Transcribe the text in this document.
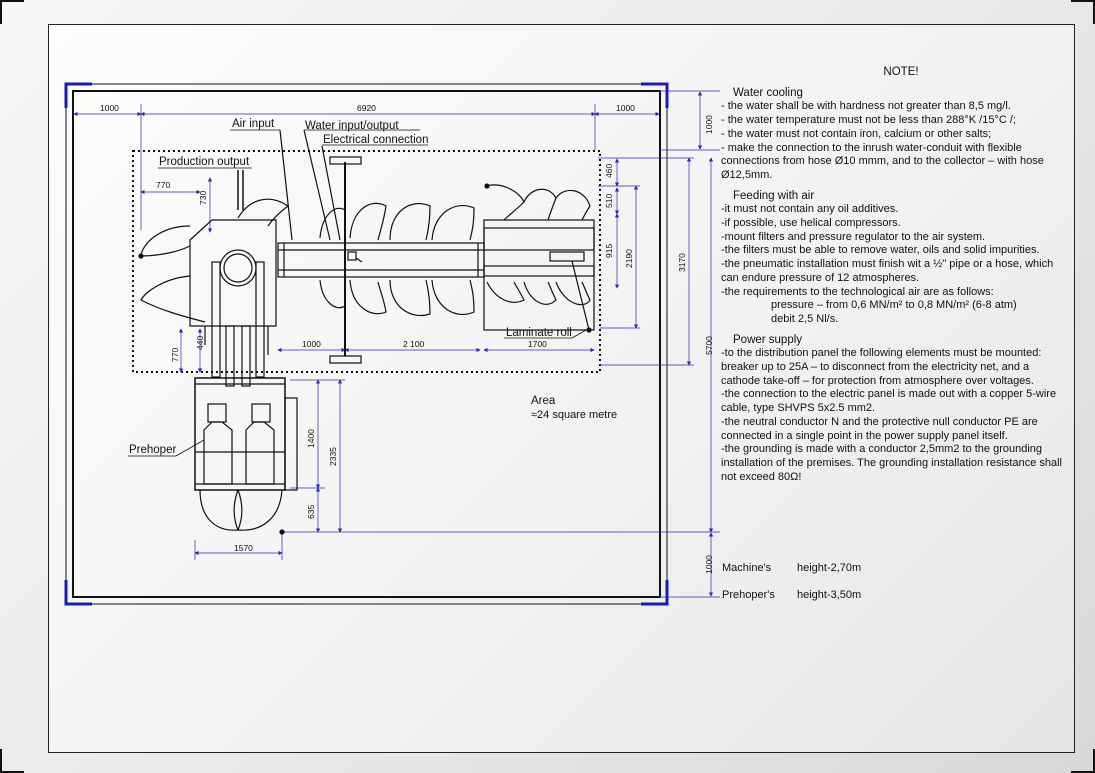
Air input	Water input/output
Electrical connection
Production output
Laminate roll
Prehoper
Area
≈24 square metre
1000	6920	1000
1000
770
730
460
510
915 2190	3170
5700
440
770
1000	2 100	1700
1400
2335
635
1570
1000

NOTE!

Water cooling

- the water shall be with hardness not greater than 8,5 mg/l.

- the water temperature must not be less than 288°K /15°C /;

- the water must not contain iron, calcium or other salts;

- make the connection to the inrush water-conduit with flexible connections from hose Ø10 mmm, and to the collector – with hose Ø12,5mm.

Feeding with air

-it must not contain any oil additives.

-if possible, use helical compressors.

-mount filters and pressure regulator to the air system.

-the filters must be able to remove water, oils and solid impurities.

-the pneumatic installation must finish wit a ½" pipe or a hose, which can endure pressure of 12 atmospheres.

-the requirements to the technological air are as follows:

pressure – from 0,6 MN/m² to 0,8 MN/m² (6-8 atm)

debit 2,5 Nl/s.

Power supply

-to the distribution panel the following elements must be mounted: breaker up to 25A – to disconnect from the electricity net, and a cathode take-off – for protection from atmosphere over voltages.

-the connection to the electric panel is made out with a copper 5-wire cable, type SHVPS 5x2.5 mm2.

-the neutral conductor N and the protective null conductor PE are connected in a single point in the power supply panel itself.

-the grounding is made with a conductor 2,5mm2 to the grounding installation of the premises. The grounding installation resistance shall not exceed 80Ω!

Machine's height-2,70m
Prehoper's height-3,50m
